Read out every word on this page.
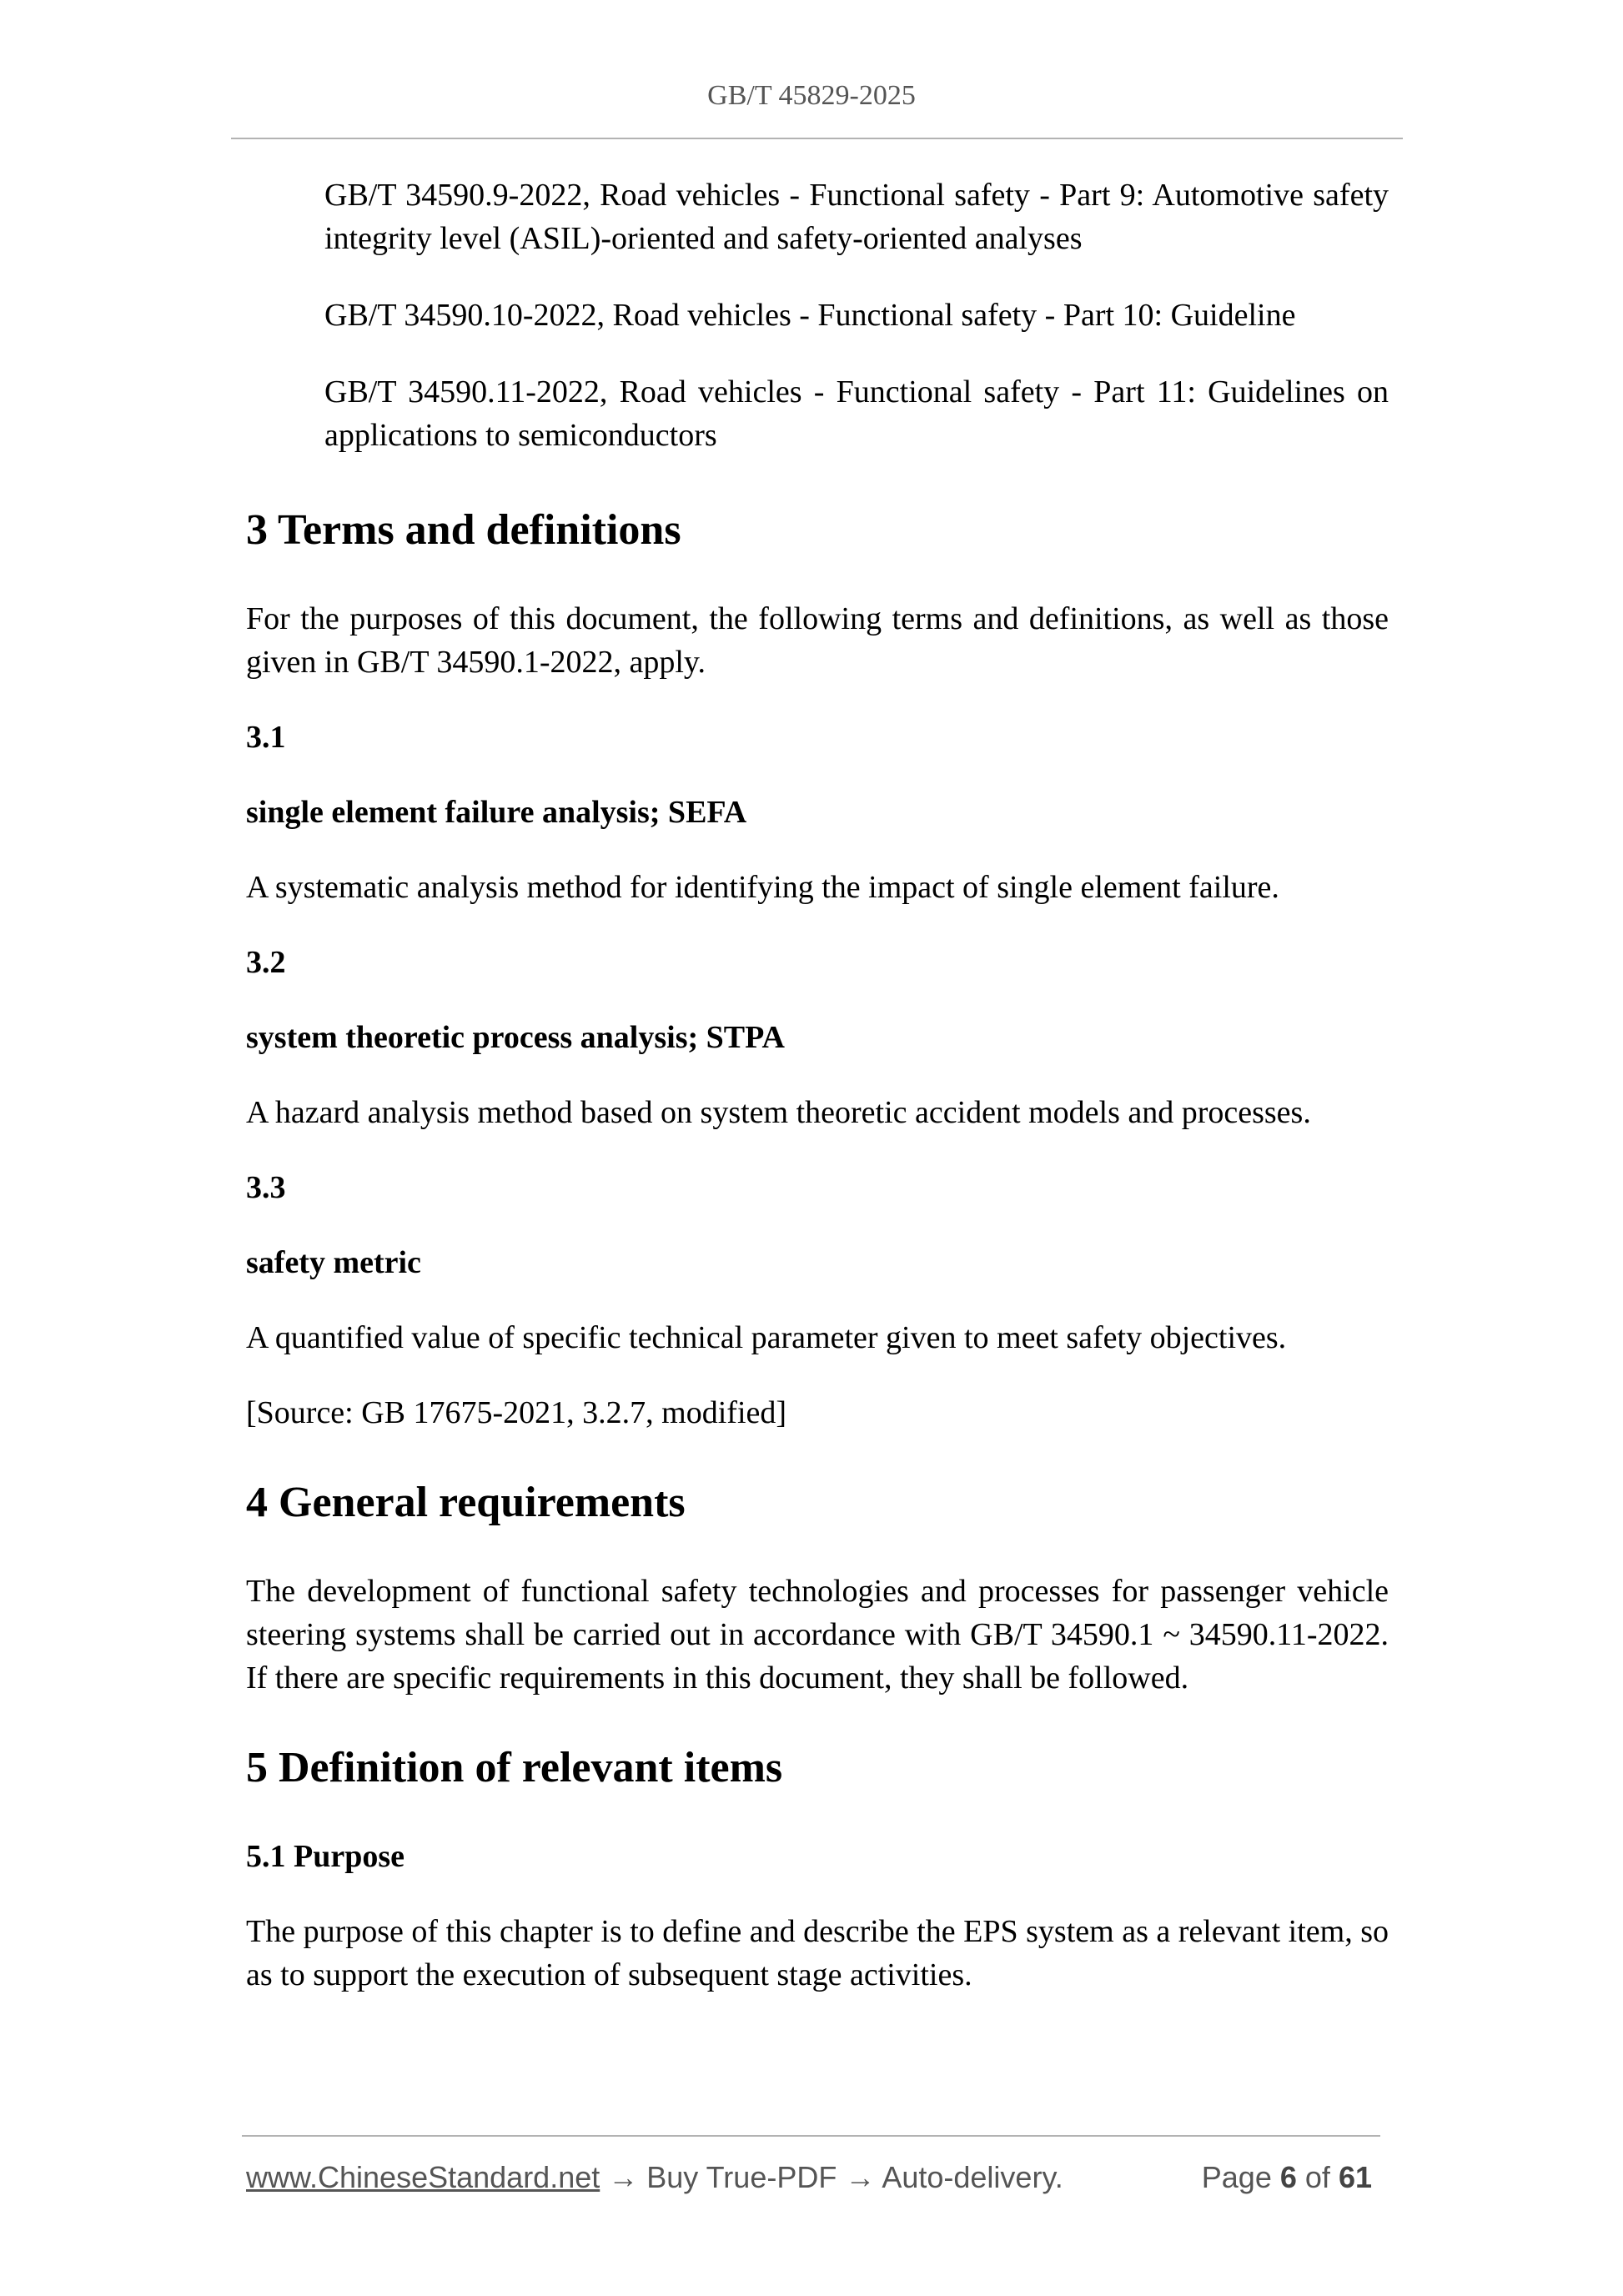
GB/T 45829-2025
GB/T 34590.9-2022, Road vehicles - Functional safety - Part 9: Automotive safety integrity level (ASIL)-oriented and safety-oriented analyses
GB/T 34590.10-2022, Road vehicles - Functional safety - Part 10: Guideline
GB/T 34590.11-2022, Road vehicles - Functional safety - Part 11: Guidelines on applications to semiconductors
3 Terms and definitions
For the purposes of this document, the following terms and definitions, as well as those given in GB/T 34590.1-2022, apply.
3.1
single element failure analysis; SEFA
A systematic analysis method for identifying the impact of single element failure.
3.2
system theoretic process analysis; STPA
A hazard analysis method based on system theoretic accident models and processes.
3.3
safety metric
A quantified value of specific technical parameter given to meet safety objectives.
[Source: GB 17675-2021, 3.2.7, modified]
4 General requirements
The development of functional safety technologies and processes for passenger vehicle steering systems shall be carried out in accordance with GB/T 34590.1 ~ 34590.11-2022. If there are specific requirements in this document, they shall be followed.
5 Definition of relevant items
5.1 Purpose
The purpose of this chapter is to define and describe the EPS system as a relevant item, so as to support the execution of subsequent stage activities.
www.ChineseStandard.net → Buy True-PDF → Auto-delivery.	Page 6 of 61
